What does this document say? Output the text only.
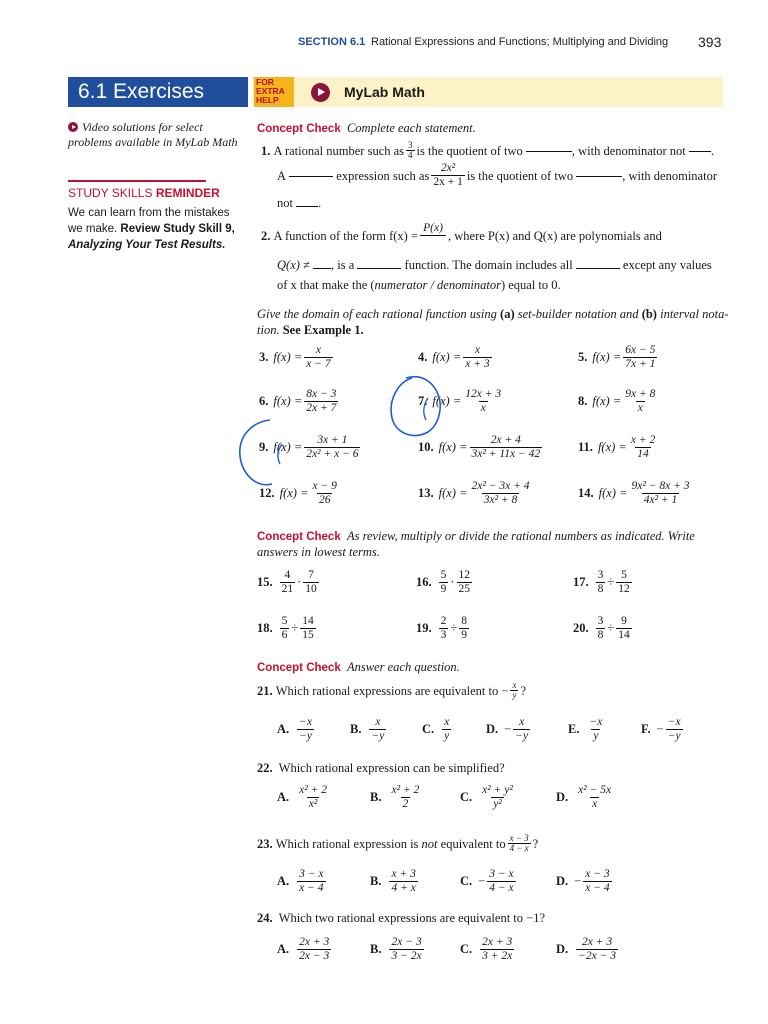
SECTION 6.1 Rational Expressions and Functions; Multiplying and Dividing 393
6.1 Exercises	FOR
EXTRA
HELP	MyLab Math
Video solutions for select problems available in MyLab Math
STUDY SKILLS REMINDER
We can learn from the mistakes we make. Review Study Skill 9, Analyzing Your Test Results.
Concept Check Complete each statement.
1.
A rational number such as $\frac{3}{4}$ is the quotient of two
	, with denominator not
.
A

	expression such as $\frac{\text{2x²}}{2x + 1}$ is the quotient of two
	, with denominator
not .
2.
A function of the form f(x) =
P(x)
, where P(x) and Q(x) are polynomials and
Q(x) ≠ , is a	function. The domain includes all	except any values
of x that make the (numerator / denominator) equal to 0.
Give the domain of each rational function using (a) set-builder notation and (b) interval nota-
tion. See Example 1.
3. $f(x) = \frac{x}{x - 7}$	4. $f(x) = \frac{x}{x + 3}$	5. $f(x) = \frac{6x - 5}{7x + 1}$
6. $f(x) = \frac{8x - 3}{2x + 7}$	7. $f(x) = \frac{12x + 3}{x}$	8. $f(x) = \frac{9x + 8}{x}$
9. $f(x) = \frac{3x + 1}{\text{2x² + x − 6}}$	10. $f(x) = \frac{2x + 4}{\text{3x² + 11x − 42}}$	11. $f(x) = \frac{x + 2}{14}$
12. $f(x) = \frac{x - 9}{26}$	13. $f(x) = \frac{\text{2x² − 3x + 4}}{\text{3x² + 8}}$	14. $f(x) = \frac{\text{9x² − 8x + 3}}{\text{4x² + 1}}$
Concept Check As review, multiply or divide the rational numbers as indicated. Write
answers in lowest terms.
15. $\frac{4}{21} \cdot \frac{7}{10}$	16. $\frac{5}{9} \cdot \frac{12}{25}$	17. $\frac{3}{8} \div \frac{5}{12}$
18. $\frac{5}{6} \div \frac{14}{15}$	19. $\frac{2}{3} \div \frac{8}{9}$	20. $\frac{3}{8} \div \frac{9}{14}$
Concept Check Answer each question.
21.
Which rational expressions are equivalent to
− $\frac{x}{y}$ ?
A. $\frac{-x}{-y}$	B. $\frac{x}{-y}$	C. $\frac{x}{y}$	D. − $\frac{x}{-y}$	E. $\frac{-x}{y}$	F. − $\frac{-x}{-y}$
22. Which rational expression can be simplified?
A. $\frac{\text{x² + 2}}{\text{x²}}$	B. $\frac{\text{x² + 2}}{2}$	C. $\frac{\text{x² + y²}}{\text{y²}}$	D. $\frac{\text{x² − 5x}}{x}$
23.
Which rational expression is
not
equivalent to $\frac{x - 3}{4 - x}$ ?
A. $\frac{3 - x}{x - 4}$	B. $\frac{x + 3}{4 + x}$	C. − $\frac{3 - x}{4 - x}$	D. − $\frac{x - 3}{x - 4}$
24. Which two rational expressions are equivalent to −1?
A. $\frac{2x + 3}{2x - 3}$	B. $\frac{2x - 3}{3 - 2x}$	C. $\frac{2x + 3}{3 + 2x}$	D. $\frac{2x + 3}{-2x - 3}$
